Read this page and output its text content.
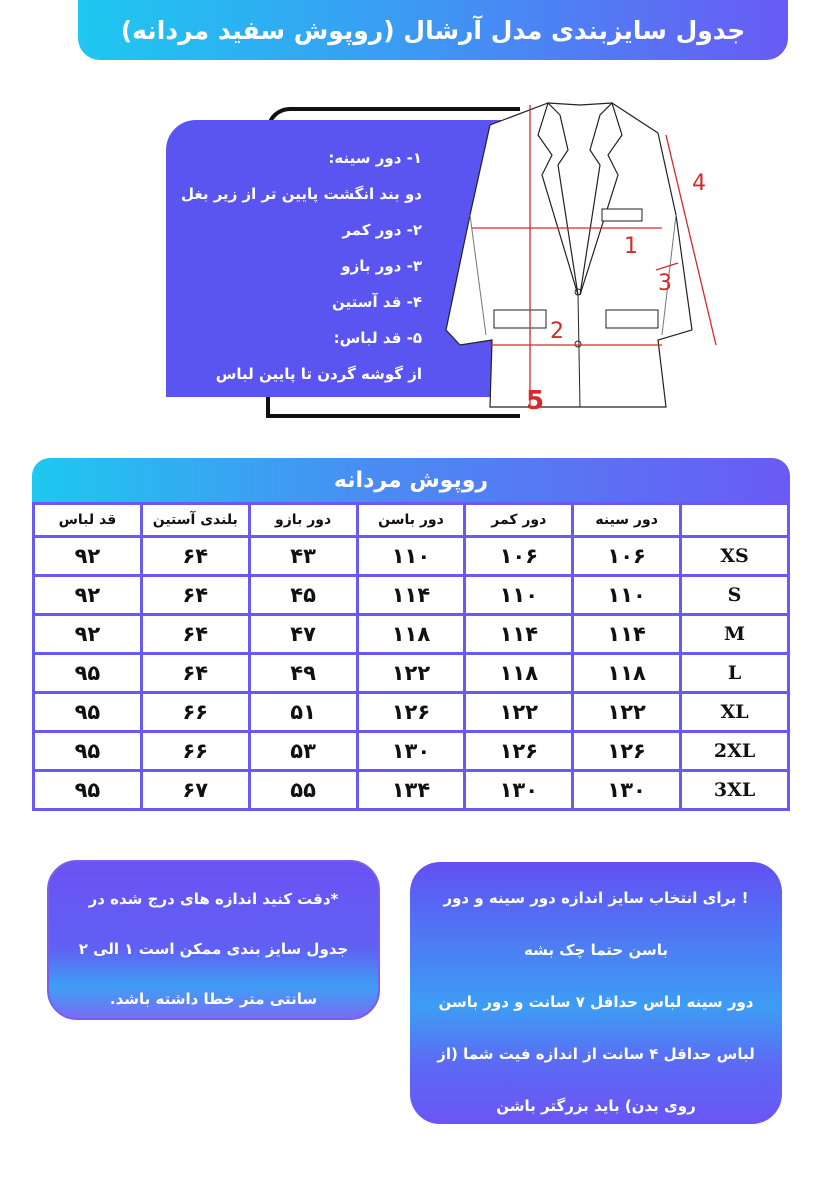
جدول سایزبندی مدل آرشال (روپوش سفید مردانه)
۱- دور سینه:
دو بند انگشت پایین تر از زیر بغل
۲- دور کمر
۳- دور بازو
۴- قد آستین
۵- قد لباس:
از گوشه گردن تا پایین لباس
1
2
3
4
5
روپوش مردانه
قد لباس	بلندی آستین	دور بازو	دور باسن	دور کمر	دور سینه	
۹۲	۶۴	۴۳	۱۱۰	۱۰۶	۱۰۶	XS
۹۲	۶۴	۴۵	۱۱۴	۱۱۰	۱۱۰	S
۹۲	۶۴	۴۷	۱۱۸	۱۱۴	۱۱۴	M
۹۵	۶۴	۴۹	۱۲۲	۱۱۸	۱۱۸	L
۹۵	۶۶	۵۱	۱۲۶	۱۲۲	۱۲۲	XL
۹۵	۶۶	۵۳	۱۳۰	۱۲۶	۱۲۶	2XL
۹۵	۶۷	۵۵	۱۳۴	۱۳۰	۱۳۰	3XL
*دقت کنید اندازه های درج شده در
جدول سایز بندی ممکن است ۱ الی ۲
سانتی متر خطا داشته باشد.
! برای انتخاب سایز اندازه دور سینه و دور
باسن حتما چک بشه
دور سینه لباس حداقل ۷ سانت و دور باسن
لباس حداقل ۴ سانت از اندازه فیت شما (از
روی بدن) باید بزرگتر باشن
